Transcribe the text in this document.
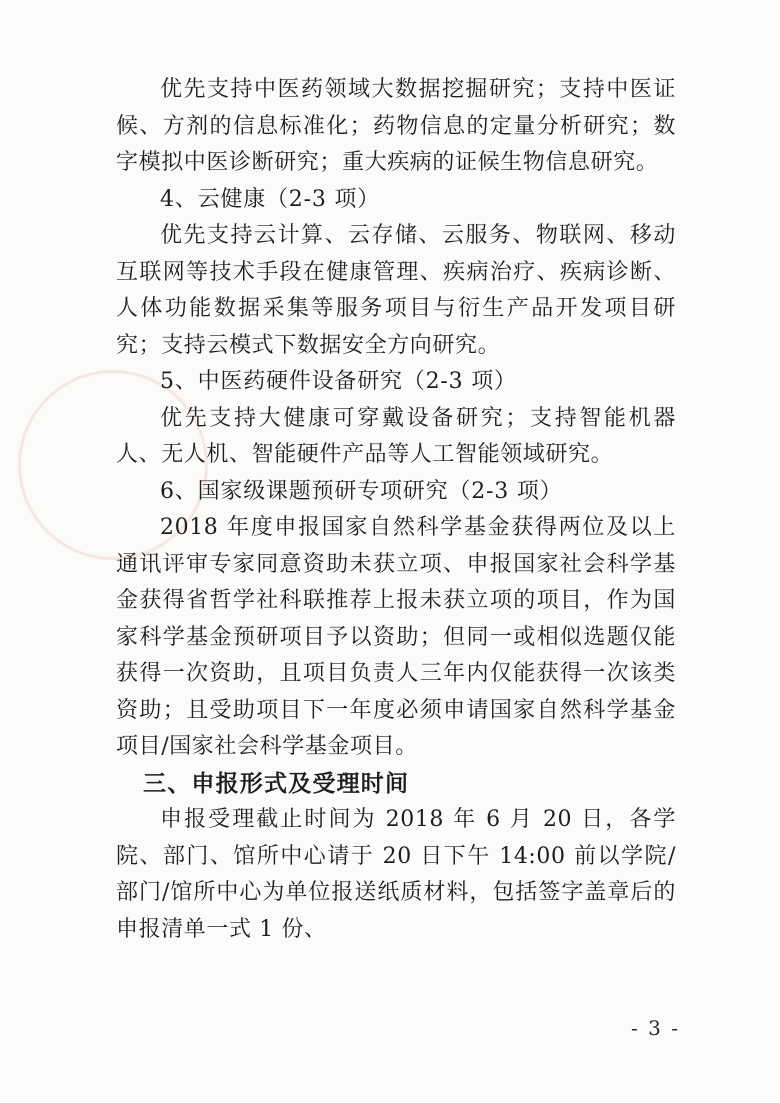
优先支持中医药领域大数据挖掘研究；支持中医证候、方剂的信息标准化；药物信息的定量分析研究；数字模拟中医诊断研究；重大疾病的证候生物信息研究。

4、云健康（2-3 项）

优先支持云计算、云存储、云服务、物联网、移动互联网等技术手段在健康管理、疾病治疗、疾病诊断、人体功能数据采集等服务项目与衍生产品开发项目研究；支持云模式下数据安全方向研究。

5、中医药硬件设备研究（2-3 项）

优先支持大健康可穿戴设备研究；支持智能机器人、无人机、智能硬件产品等人工智能领域研究。

6、国家级课题预研专项研究（2-3 项）

2018 年度申报国家自然科学基金获得两位及以上通讯评审专家同意资助未获立项、申报国家社会科学基金获得省哲学社科联推荐上报未获立项的项目，作为国家科学基金预研项目予以资助；但同一或相似选题仅能获得一次资助，且项目负责人三年内仅能获得一次该类资助；且受助项目下一年度必须申请国家自然科学基金项目/国家社会科学基金项目。

三、申报形式及受理时间

申报受理截止时间为 2018 年 6 月 20 日，各学院、部门、馆所中心请于 20 日下午 14:00 前以学院/部门/馆所中心为单位报送纸质材料，包括签字盖章后的申报清单一式 1 份、

- 3 -
